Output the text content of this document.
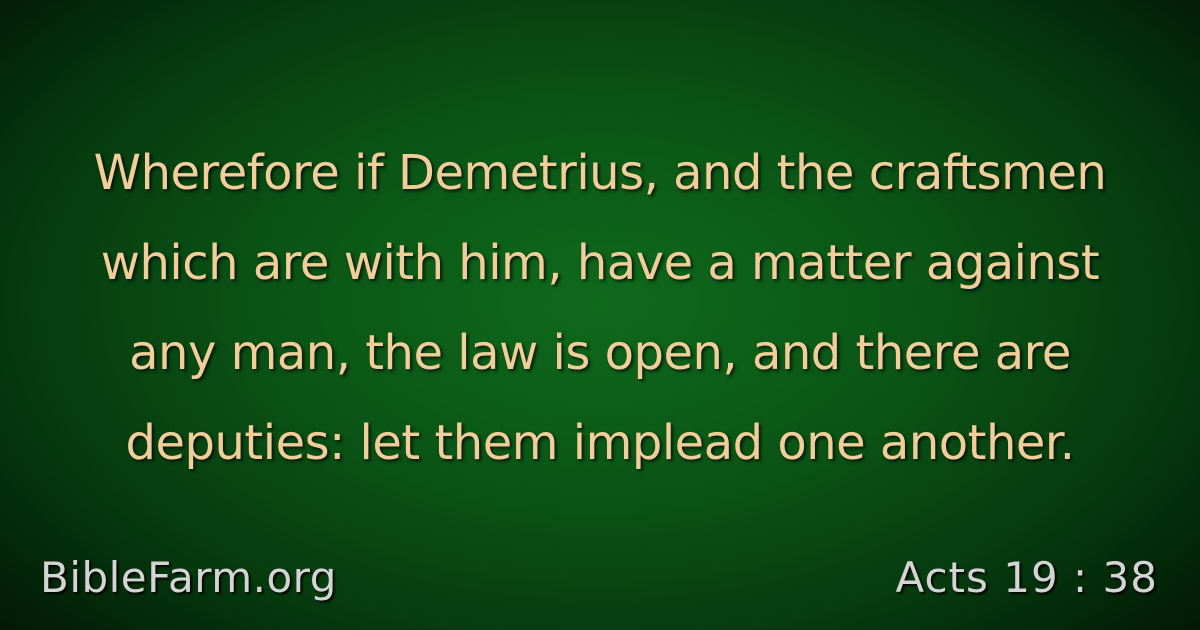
Wherefore if Demetrius, and the craftsmen
which are with him, have a matter against
any man, the law is open, and there are
deputies: let them implead one another.
BibleFarm.org	Acts 19 : 38
